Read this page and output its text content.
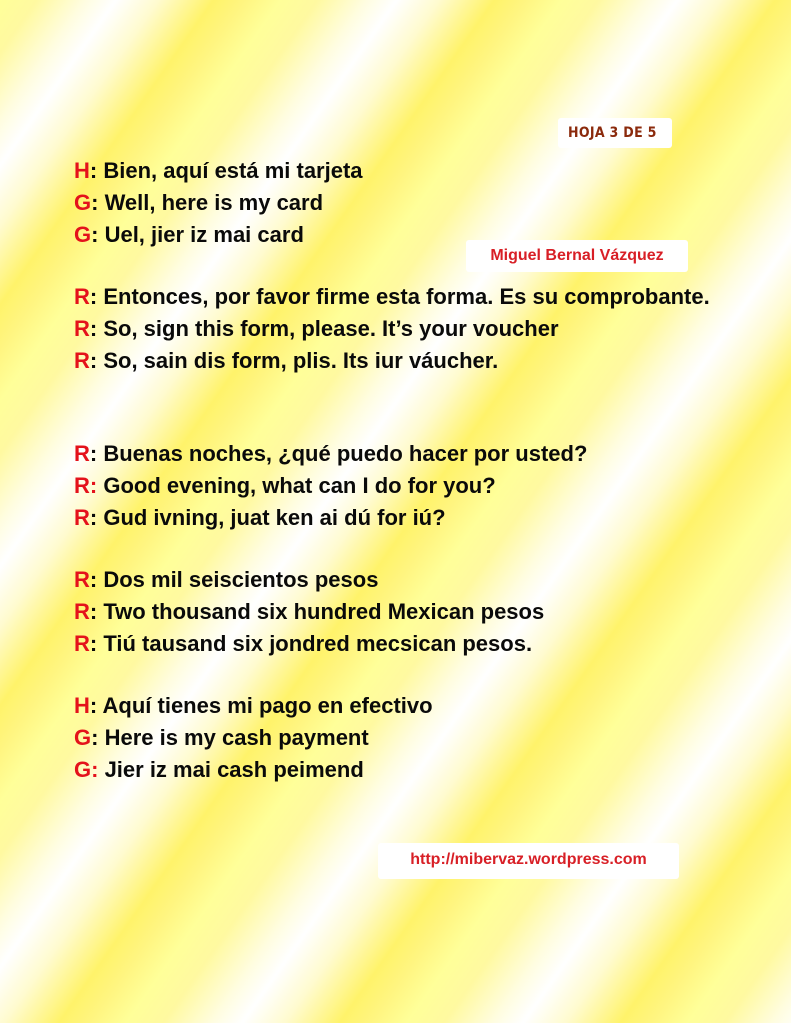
HOJA 3 DE 5

H: Bien, aquí está mi tarjeta

G: Well, here is my card

G: Uel, jier iz mai card

Miguel Bernal Vázquez

R: Entonces, por favor firme esta forma. Es su comprobante.

R: So, sign this form, please. It’s your voucher

R: So, sain dis form, plis. Its iur váucher.

R: Buenas noches, ¿qué puedo hacer por usted?

R: Good evening, what can I do for you?

R: Gud ivning, juat ken ai dú for iú?

R: Dos mil seiscientos pesos

R: Two thousand six hundred Mexican pesos

R: Tiú tausand six jondred mecsican pesos.

H: Aquí tienes mi pago en efectivo

G: Here is my cash payment

G: Jier iz mai cash peimend

http://mibervaz.wordpress.com
